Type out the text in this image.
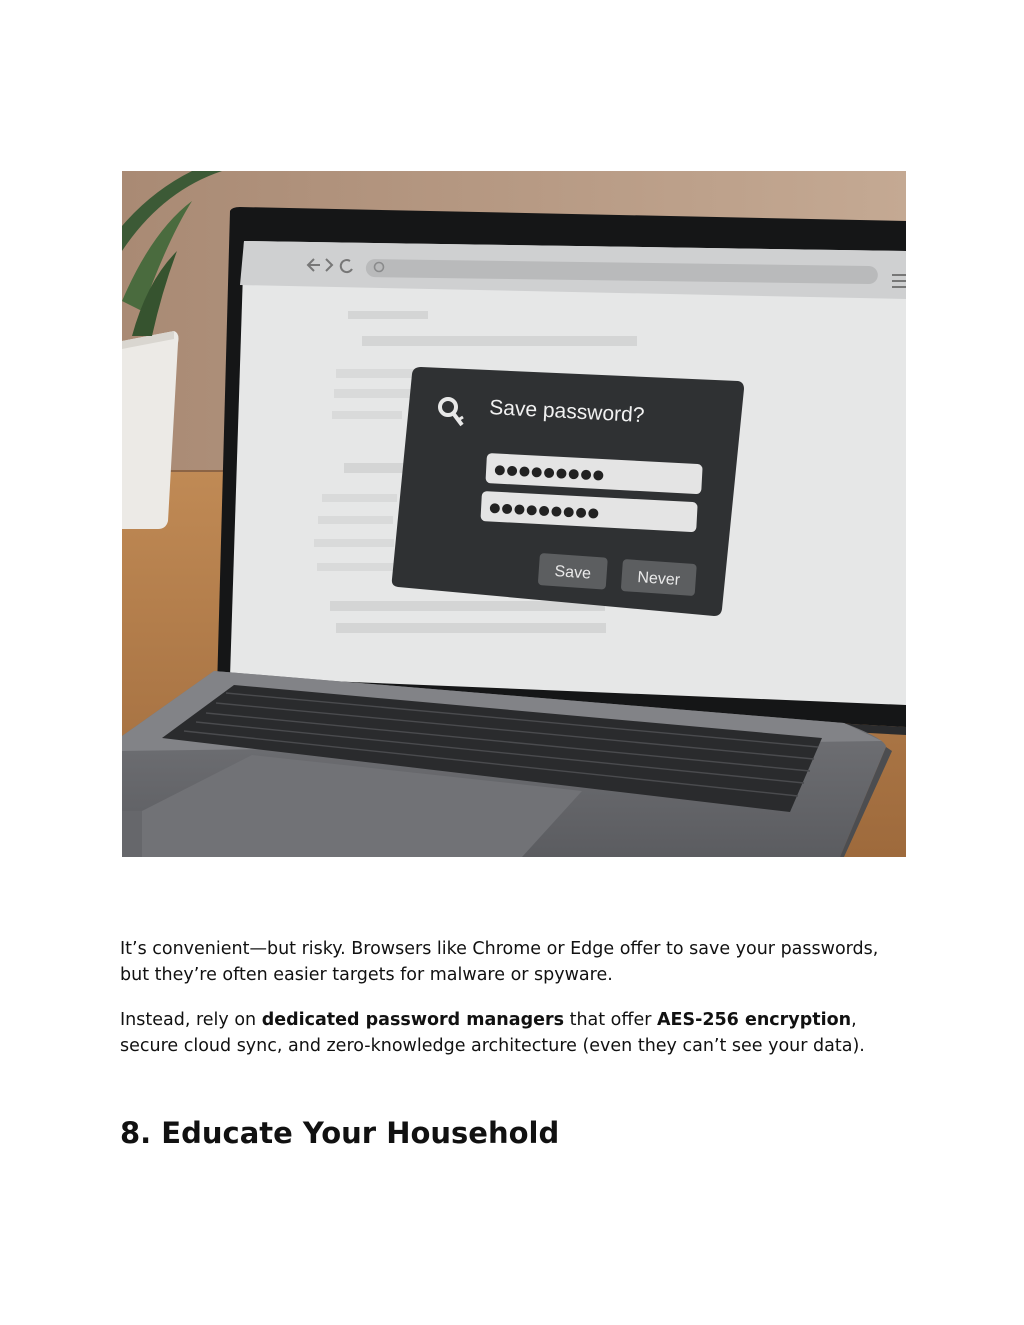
Save password?
●●●●●●●●●
●●●●●●●●●
Save	Never

It’s convenient—but risky. Browsers like Chrome or Edge offer to save your passwords, but they’re often easier targets for malware or spyware.

Instead, rely on dedicated password managers that offer AES-256 encryption, secure cloud sync, and zero-knowledge architecture (even they can’t see your data).

8. Educate Your Household
